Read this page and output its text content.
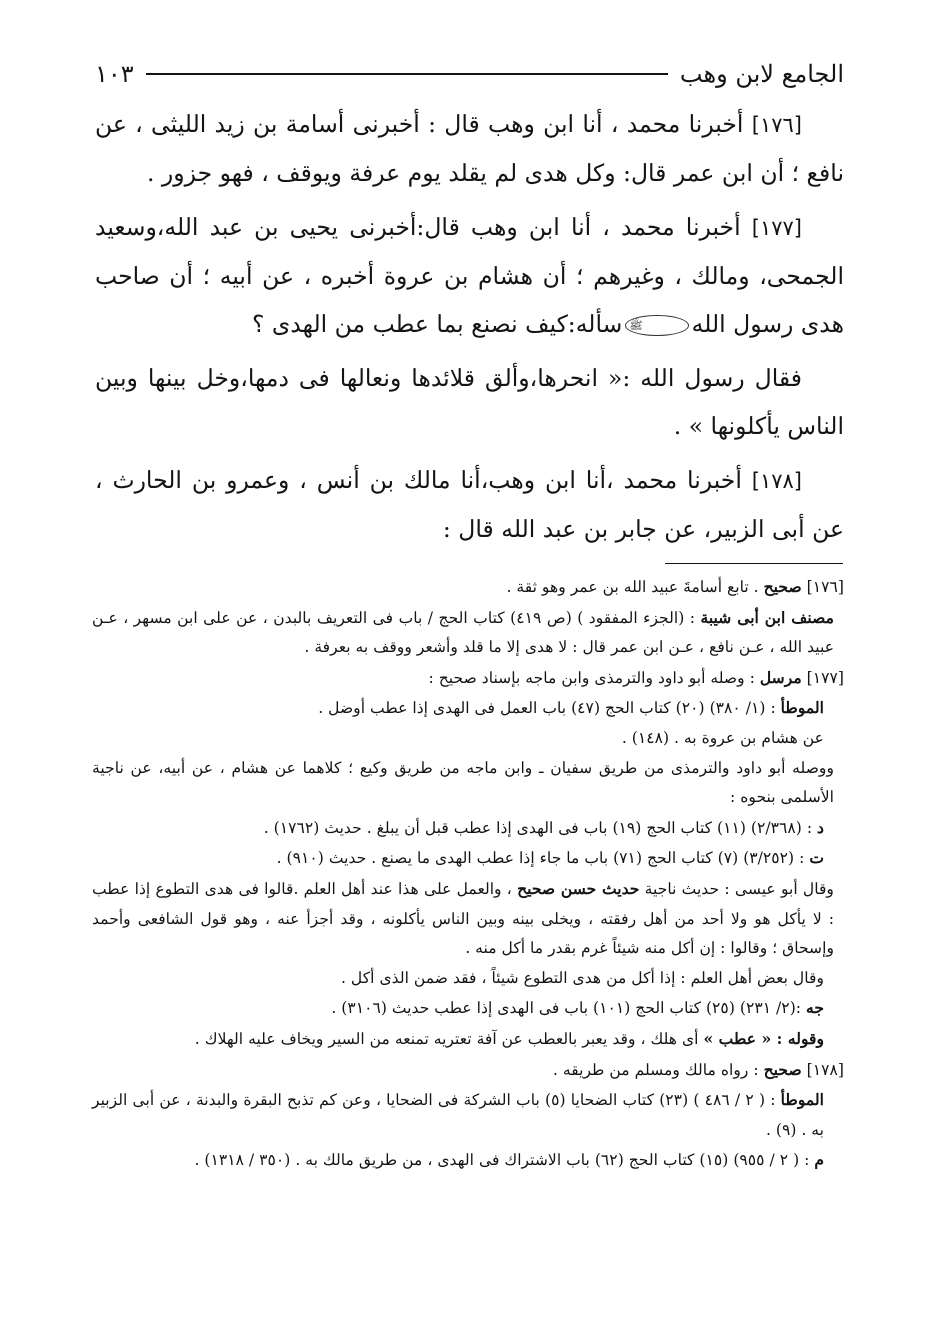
الجامع لابن وهب
١٠٣

[١٧٦] أخبرنا محمد ، أنا ابن وهب قال : أخبرنى أسامة بن زيد الليثى ، عن نافع ؛ أن ابن عمر قال: وكل هدى لم يقلد يوم عرفة ويوقف ، فهو جزور .

[١٧٧] أخبرنا محمد ، أنا ابن وهب قال:أخبرنى يحيى بن عبد الله،وسعيد الجمحى، ومالك ، وغيرهم ؛ أن هشام بن عروة أخبره ، عن أبيه ؛ أن صاحب هدى رسول اللهﷺسأله:كيف نصنع بما عطب من الهدى ؟

فقال رسول الله :« انحرها،وألق قلائدها ونعالها فى دمها،وخل بينها وبين الناس يأكلونها » .

[١٧٨] أخبرنا محمد ،أنا ابن وهب،أنا مالك بن أنس ، وعمرو بن الحارث ، عن أبى الزبير، عن جابر بن عبد الله قال :

[١٧٦] صحيح . تابع أسامةَ عبيد الله بن عمر وهو ثقة .

مصنف ابن أبى شيبة : (الجزء المفقود ) (ص ٤١٩) كتاب الحج / باب فى التعريف بالبدن ، عن على ابن مسهر ، عـن عبيد الله ، عـن نافع ، عـن ابن عمر قال : لا هدى إلا ما قلد وأشعر ووقف به بعرفة .

[١٧٧] مرسل : وصله أبو داود والترمذى وابن ماجه بإسناد صحيح :

الموطأ : (١/ ٣٨٠) (٢٠) كتاب الحج (٤٧) باب العمل فى الهدى إذا عطب أوضل .

عن هشام بن عروة به . (١٤٨) .

ووصله أبو داود والترمذى من طريق سفيان ـ وابن ماجه من طريق وكيع ؛ كلاهما عن هشام ، عن أبيه، عن ناجية الأسلمى بنحوه :

د : (٢/٣٦٨) (١١) كتاب الحج (١٩) باب فى الهدى إذا عطب قبل أن يبلغ . حديث (١٧٦٢) .

ت : (٣/٢٥٢) (٧) كتاب الحج (٧١) باب ما جاء إذا عطب الهدى ما يصنع . حديث (٩١٠) .

وقال أبو عيسى : حديث ناجية حديث حسن صحيح ، والعمل على هذا عند أهل العلم .قالوا فى هدى التطوع إذا عطب : لا يأكل هو ولا أحد من أهل رفقته ، ويخلى بينه وبين الناس يأكلونه ، وقد أجزأ عنه ، وهو قول الشافعى وأحمد وإسحاق ؛ وقالوا : إن أكل منه شيئاً غرم بقدر ما أكل منه .

وقال بعض أهل العلم : إذا أكل من هدى التطوع شيئاً ، فقد ضمن الذى أكل .

جه :(٢/ ٢٣١) (٢٥) كتاب الحج (١٠١) باب فى الهدى إذا عطب حديث (٣١٠٦) .

وقوله : « عطب » أى هلك ، وقد يعبر بالعطب عن آفة تعتريه تمنعه من السير ويخاف عليه الهلاك .

[١٧٨] صحيح : رواه مالك ومسلم من طريقه .

الموطأ : ( ٢ / ٤٨٦ ) (٢٣) كتاب الضحايا (٥) باب الشركة فى الضحايا ، وعن كم تذبح البقرة والبدنة ، عن أبى الزبير به . (٩) .

م : ( ٢ / ٩٥٥) (١٥) كتاب الحج (٦٢) باب الاشتراك فى الهدى ، من طريق مالك به . (٣٥٠ / ١٣١٨) .
